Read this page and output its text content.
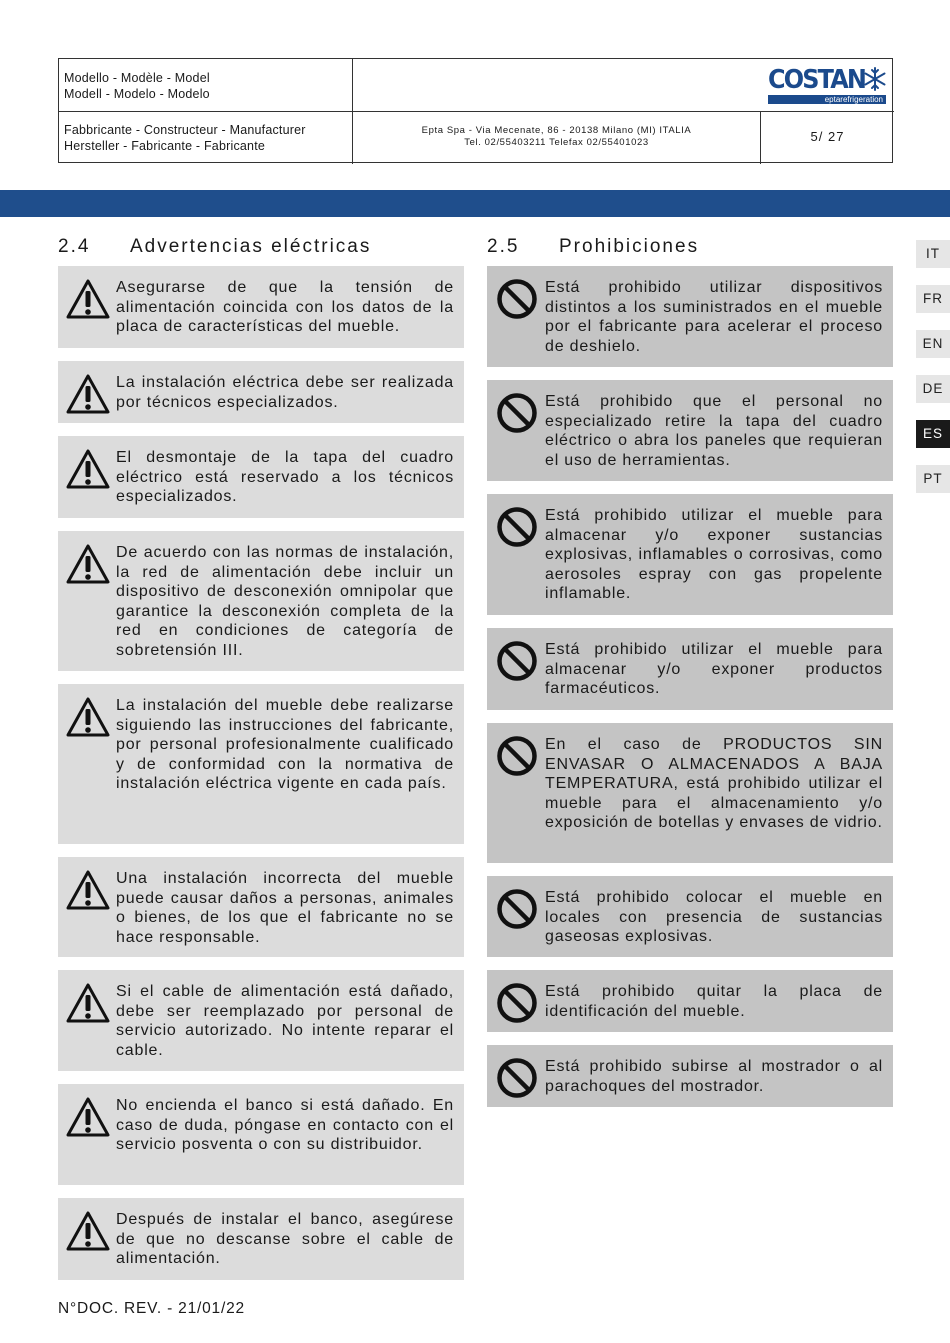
Modello - Modèle - Model
Modell - Modelo - Modelo	COSTAN
eptarefrigeration
Fabbricante - Constructeur - Manufacturer
Hersteller - Fabricante - Fabricante
Epta Spa - Via Mecenate, 86 - 20138 Milano (MI) ITALIA
Tel. 02/55403211 Telefax 02/55401023	5/ 27
2.4 Advertencias eléctricas	2.5 Prohibiciones
Asegurarse de que la tensión de alimentación coincida con los datos de la placa de características del mueble.
La instalación eléctrica debe ser realizada por técnicos especializados.
El desmontaje de la tapa del cuadro eléctrico está reservado a los técnicos especializados.
De acuerdo con las normas de instalación, la red de alimentación debe incluir un dispositivo de desconexión omnipolar que garantice la desconexión completa de la red en condiciones de categoría de sobretensión III.
La instalación del mueble debe realizarse siguiendo las instrucciones del fabricante, por personal profesionalmente cualificado y de conformidad con la normativa de instalación eléctrica vigente en cada país.
Una instalación incorrecta del mueble puede causar daños a personas, animales o bienes, de los que el fabricante no se hace responsable.
Si el cable de alimentación está dañado, debe ser reemplazado por personal de servicio autorizado. No intente reparar el cable.
No encienda el banco si está dañado. En caso de duda, póngase en contacto con el servicio posventa o con su distribuidor.
Después de instalar el banco, asegúrese de que no descanse sobre el cable de alimentación.
Está prohibido utilizar dispositivos distintos a los suministrados en el mueble por el fabricante para acelerar el proceso de deshielo.
Está prohibido que el personal no especializado retire la tapa del cuadro eléctrico o abra los paneles que requieran el uso de herramientas.
Está prohibido utilizar el mueble para almacenar y/o exponer sustancias explosivas, inflamables o corrosivas, como aerosoles espray con gas propelente inflamable.
Está prohibido utilizar el mueble para almacenar y/o exponer productos farmacéuticos.
En el caso de PRODUCTOS SIN ENVASAR O ALMACENADOS A BAJA TEMPERATURA, está prohibido utilizar el mueble para el almacenamiento y/o exposición de botellas y envases de vidrio.
Está prohibido colocar el mueble en locales con presencia de sustancias gaseosas explosivas.
Está prohibido quitar la placa de identificación del mueble.
Está prohibido subirse al mostrador o al parachoques del mostrador.
IT
FR
EN
DE
ES
PT
N°DOC. REV. - 21/01/22
